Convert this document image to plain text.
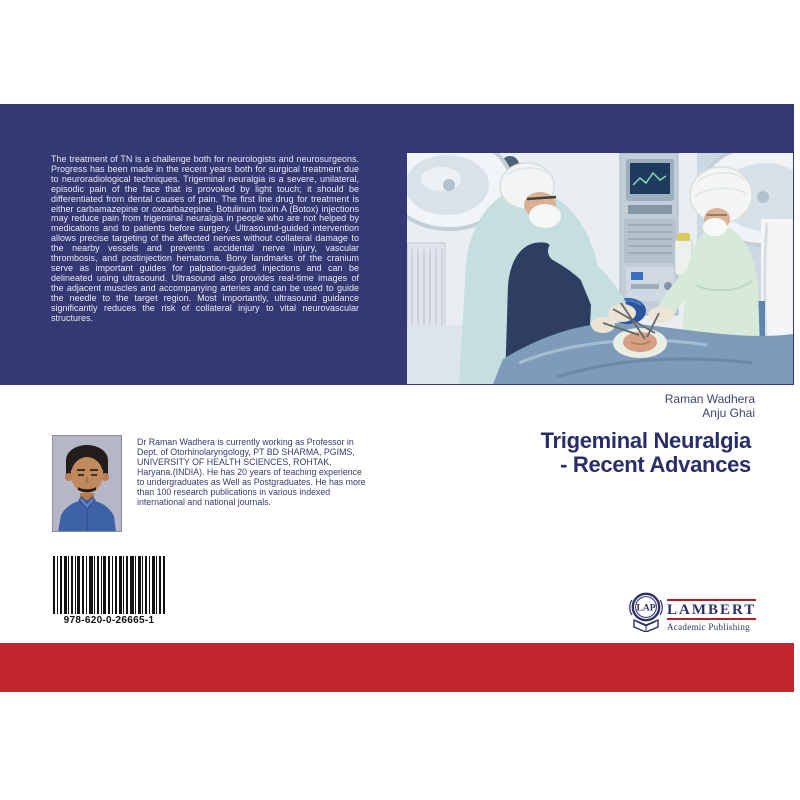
The treatment of TN is a challenge both for neurologists and neurosurgeons. Progress has been made in the recent years both for surgical treatment due to neuroradiological techniques. Trigeminal neuralgia is a severe, unilateral, episodic pain of the face that is provoked by light touch; it should be differentiated from dental causes of pain. The first line drug for treatment is either carbamazepine or oxcarbazepine. Botulinum toxin A (Botox) injections may reduce pain from trigeminal neuralgia in people who are not helped by medications and to patients before surgery. Ultrasound-guided intervention allows precise targeting of the affected nerves without collateral damage to the nearby vessels and prevents accidental nerve injury, vascular thrombosis, and postinjection hematoma. Bony landmarks of the cranium serve as important guides for palpation-guided injections and can be delineated using ultrasound. Ultrasound also provides real-time images of the adjacent muscles and accompanying arteries and can be used to guide the needle to the target region. Most importantly, ultrasound guidance significantly reduces the risk of collateral injury to vital neurovascular structures.
Raman Wadhera
Anju Ghai
Trigeminal Neuralgia
- Recent Advances
Dr Raman Wadhera is currently working as Professor in Dept. of Otorhinolaryngology, PT BD SHARMA, PGIMS, UNIVERSITY OF HEALTH SCIENCES, ROHTAK, Haryana.(INDIA). He has 20 years of teaching experience to undergraduates as Well as Postgraduates. He has more than 100 research publications in various indexed international and national journals.
978-620-0-26665-1
LAP LAMBERT
Academic Publishing
